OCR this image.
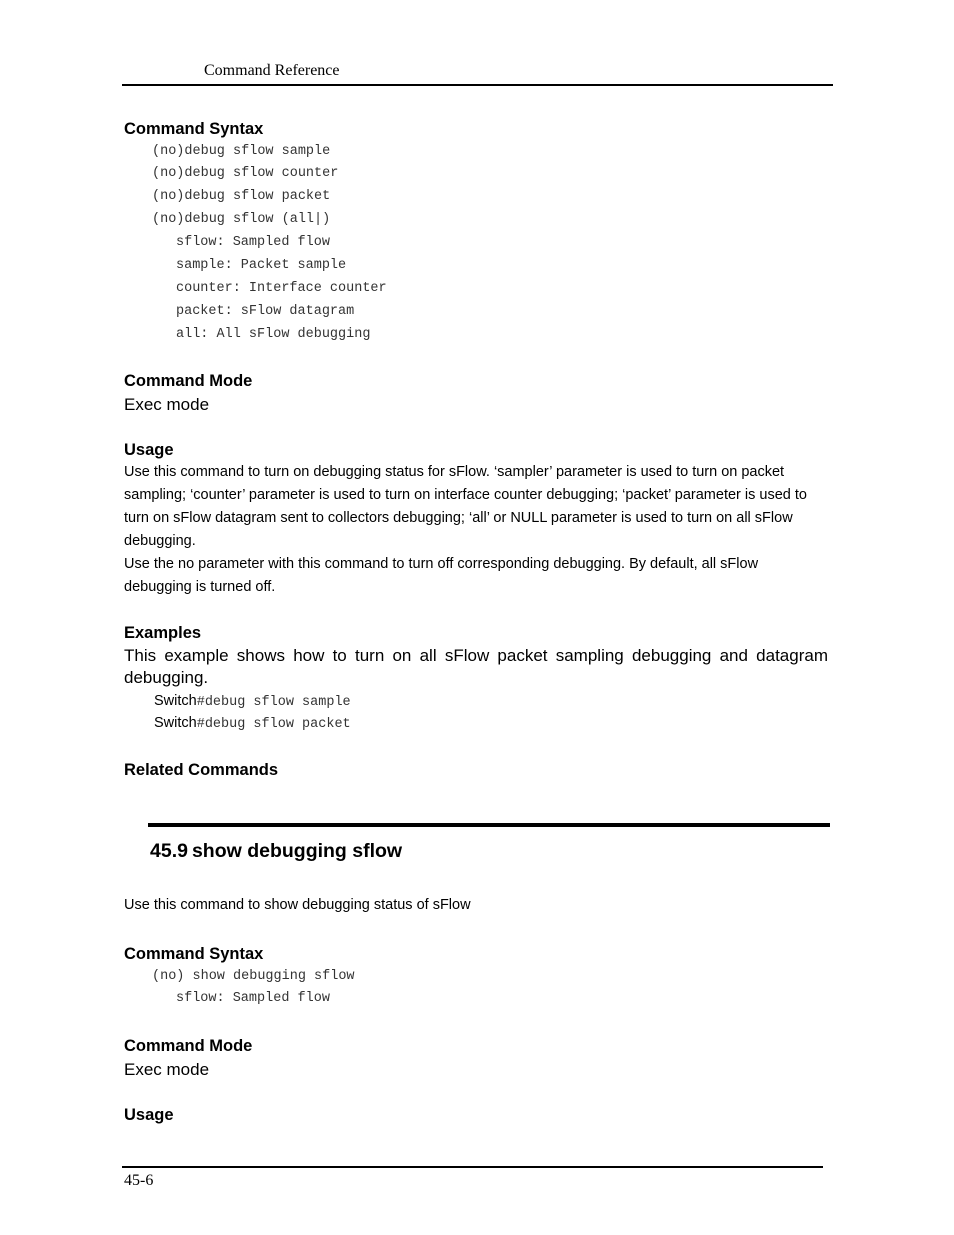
Command Reference
Command Syntax
(no)debug sflow sample
(no)debug sflow counter
(no)debug sflow packet
(no)debug sflow (all|)
sflow: Sampled flow
sample: Packet sample
counter: Interface counter
packet: sFlow datagram
all: All sFlow debugging
Command Mode
Exec mode
Usage
Use this command to turn on debugging status for sFlow. ‘sampler’ parameter is used to turn on packet
sampling; ‘counter’ parameter is used to turn on interface counter debugging; ‘packet’ parameter is used to
turn on sFlow datagram sent to collectors debugging; ‘all’ or NULL parameter is used to turn on all sFlow
debugging.
Use the no parameter with this command to turn off corresponding debugging. By default, all sFlow
debugging is turned off.
Examples
This example shows how to turn on all sFlow packet sampling debugging and datagram
debugging.
Switch#debug sflow sample
Switch#debug sflow packet
Related Commands
45.9 show debugging sflow
Use this command to show debugging status of sFlow
Command Syntax
(no) show debugging sflow
sflow: Sampled flow
Command Mode
Exec mode
Usage
45-6
